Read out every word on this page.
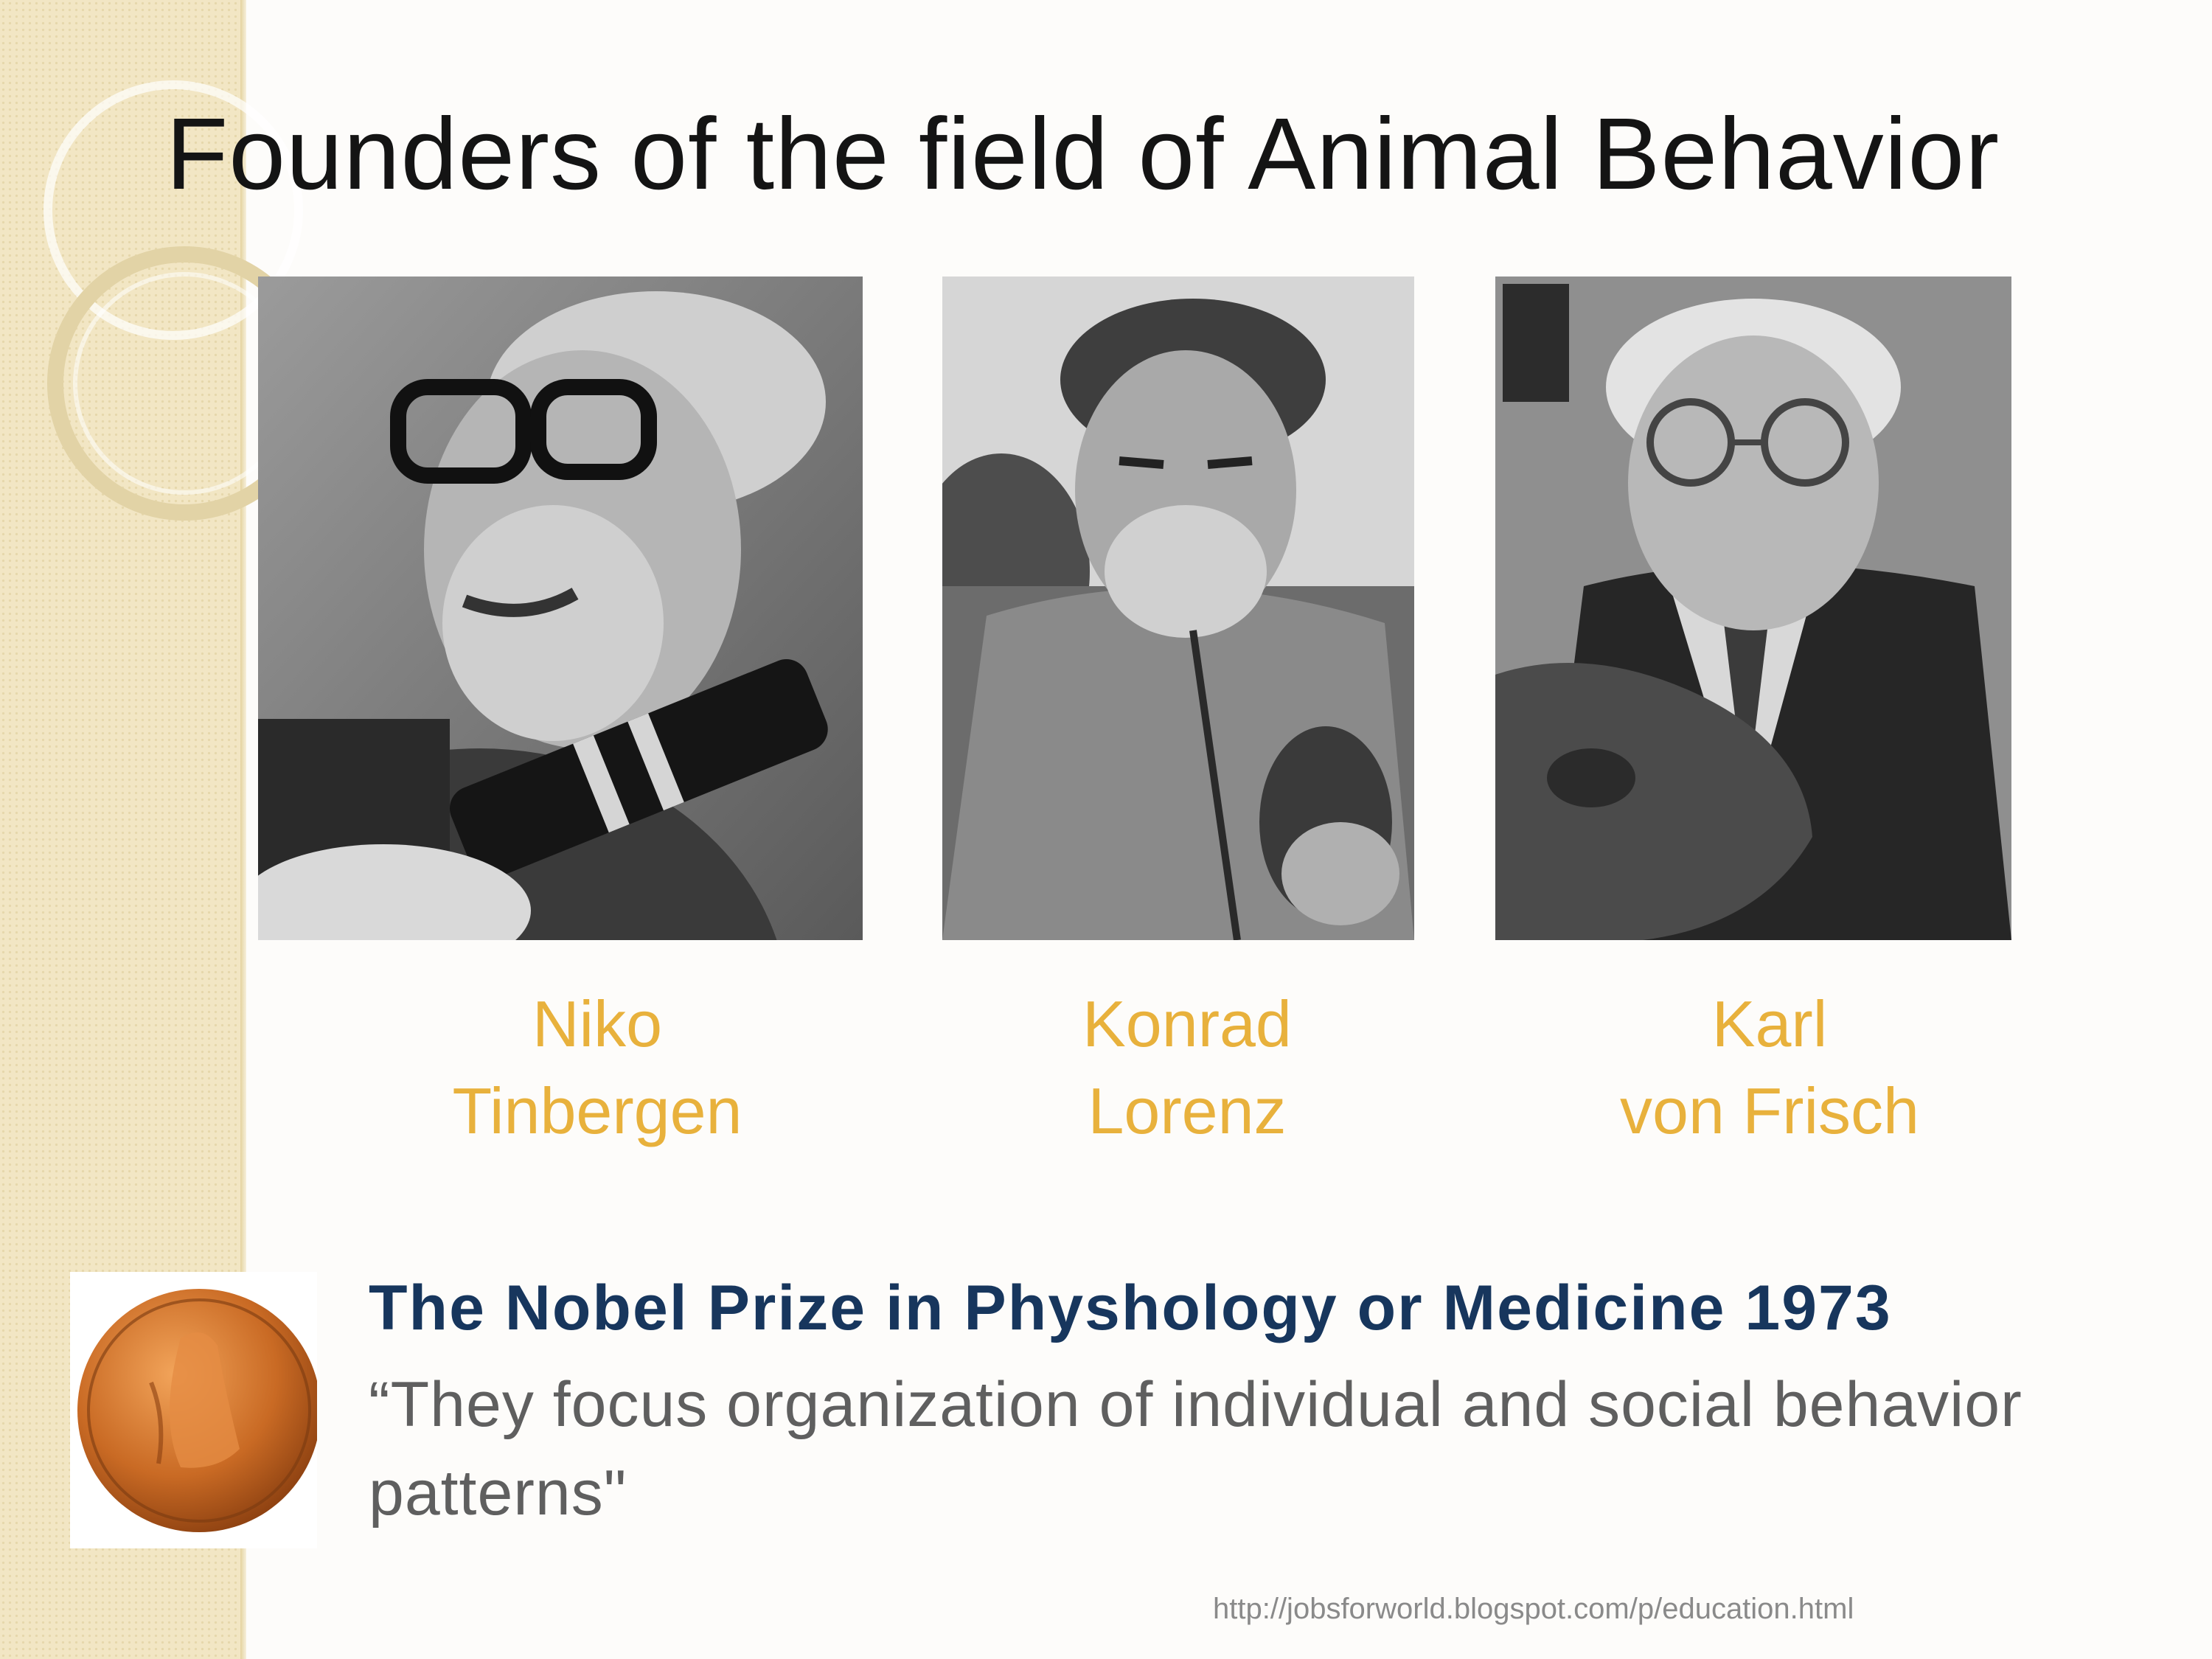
Founders of the field of Animal Behavior
Niko
Tinbergen
Konrad
Lorenz
Karl
von Frisch
The Nobel Prize in Physhology or Medicine 1973
“They focus organization of individual and social behavior patterns"
http://jobsforworld.blogspot.com/p/education.html
